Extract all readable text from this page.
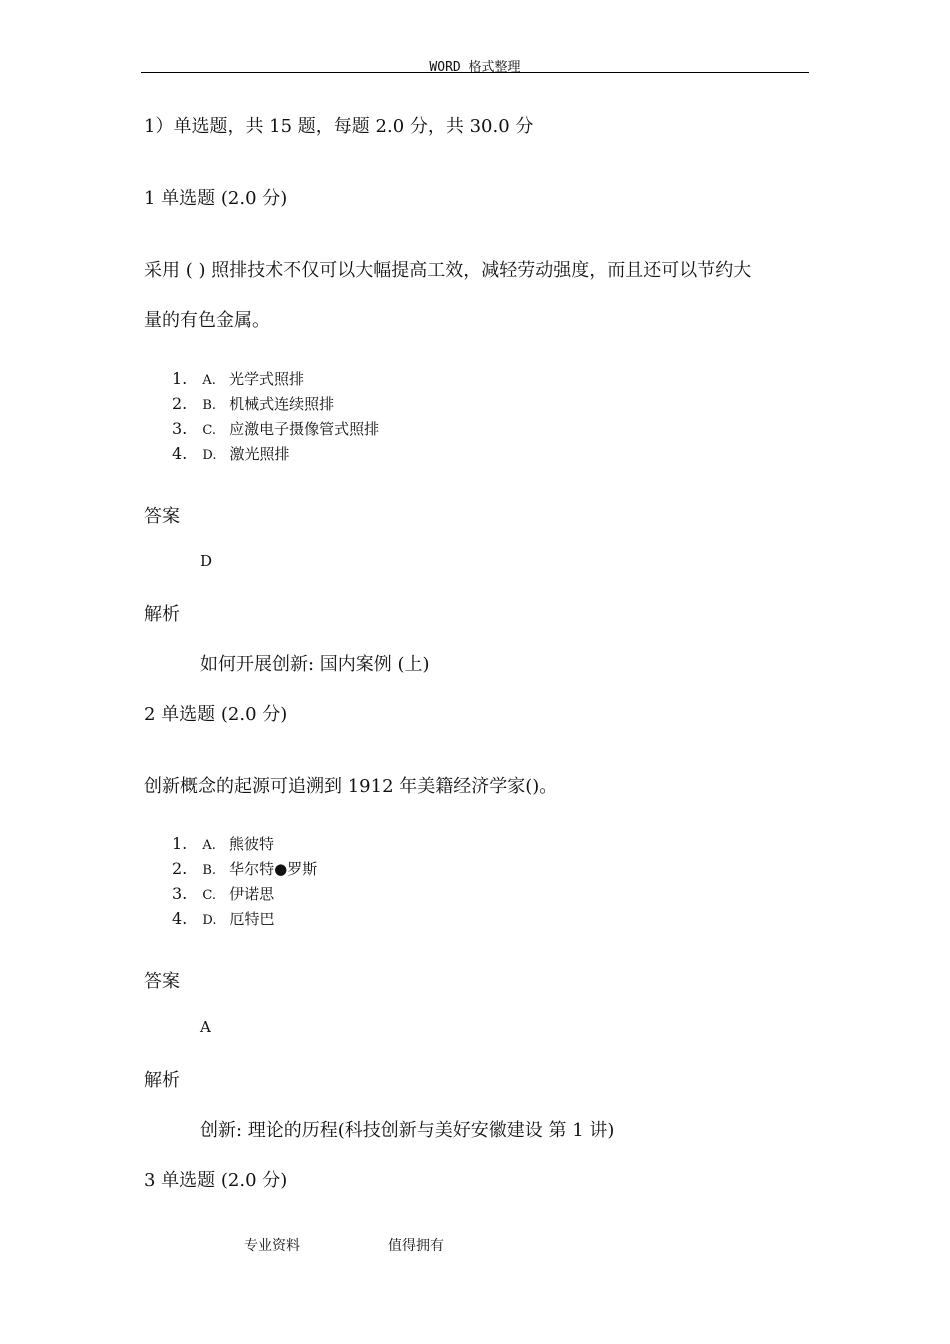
WORD 格式整理
1）单选题，共 15 题，每题 2.0 分，共 30.0 分
1 单选题 (2.0 分)
采用 ( ) 照排技术不仅可以大幅提高工效，减轻劳动强度，而且还可以节约大
量的有色金属。
1. A. 光学式照排
2. B. 机械式连续照排
3. C. 应激电子摄像管式照排
4. D. 激光照排
答案
D
解析
如何开展创新: 国内案例 (上)
2 单选题 (2.0 分)
创新概念的起源可追溯到 1912 年美籍经济学家()。
1. A. 熊彼特
2. B. 华尔特●罗斯
3. C. 伊诺思
4. D. 厄特巴
答案
A
解析
创新: 理论的历程(科技创新与美好安徽建设 第 1 讲)
3 单选题 (2.0 分)
专业资料	值得拥有
